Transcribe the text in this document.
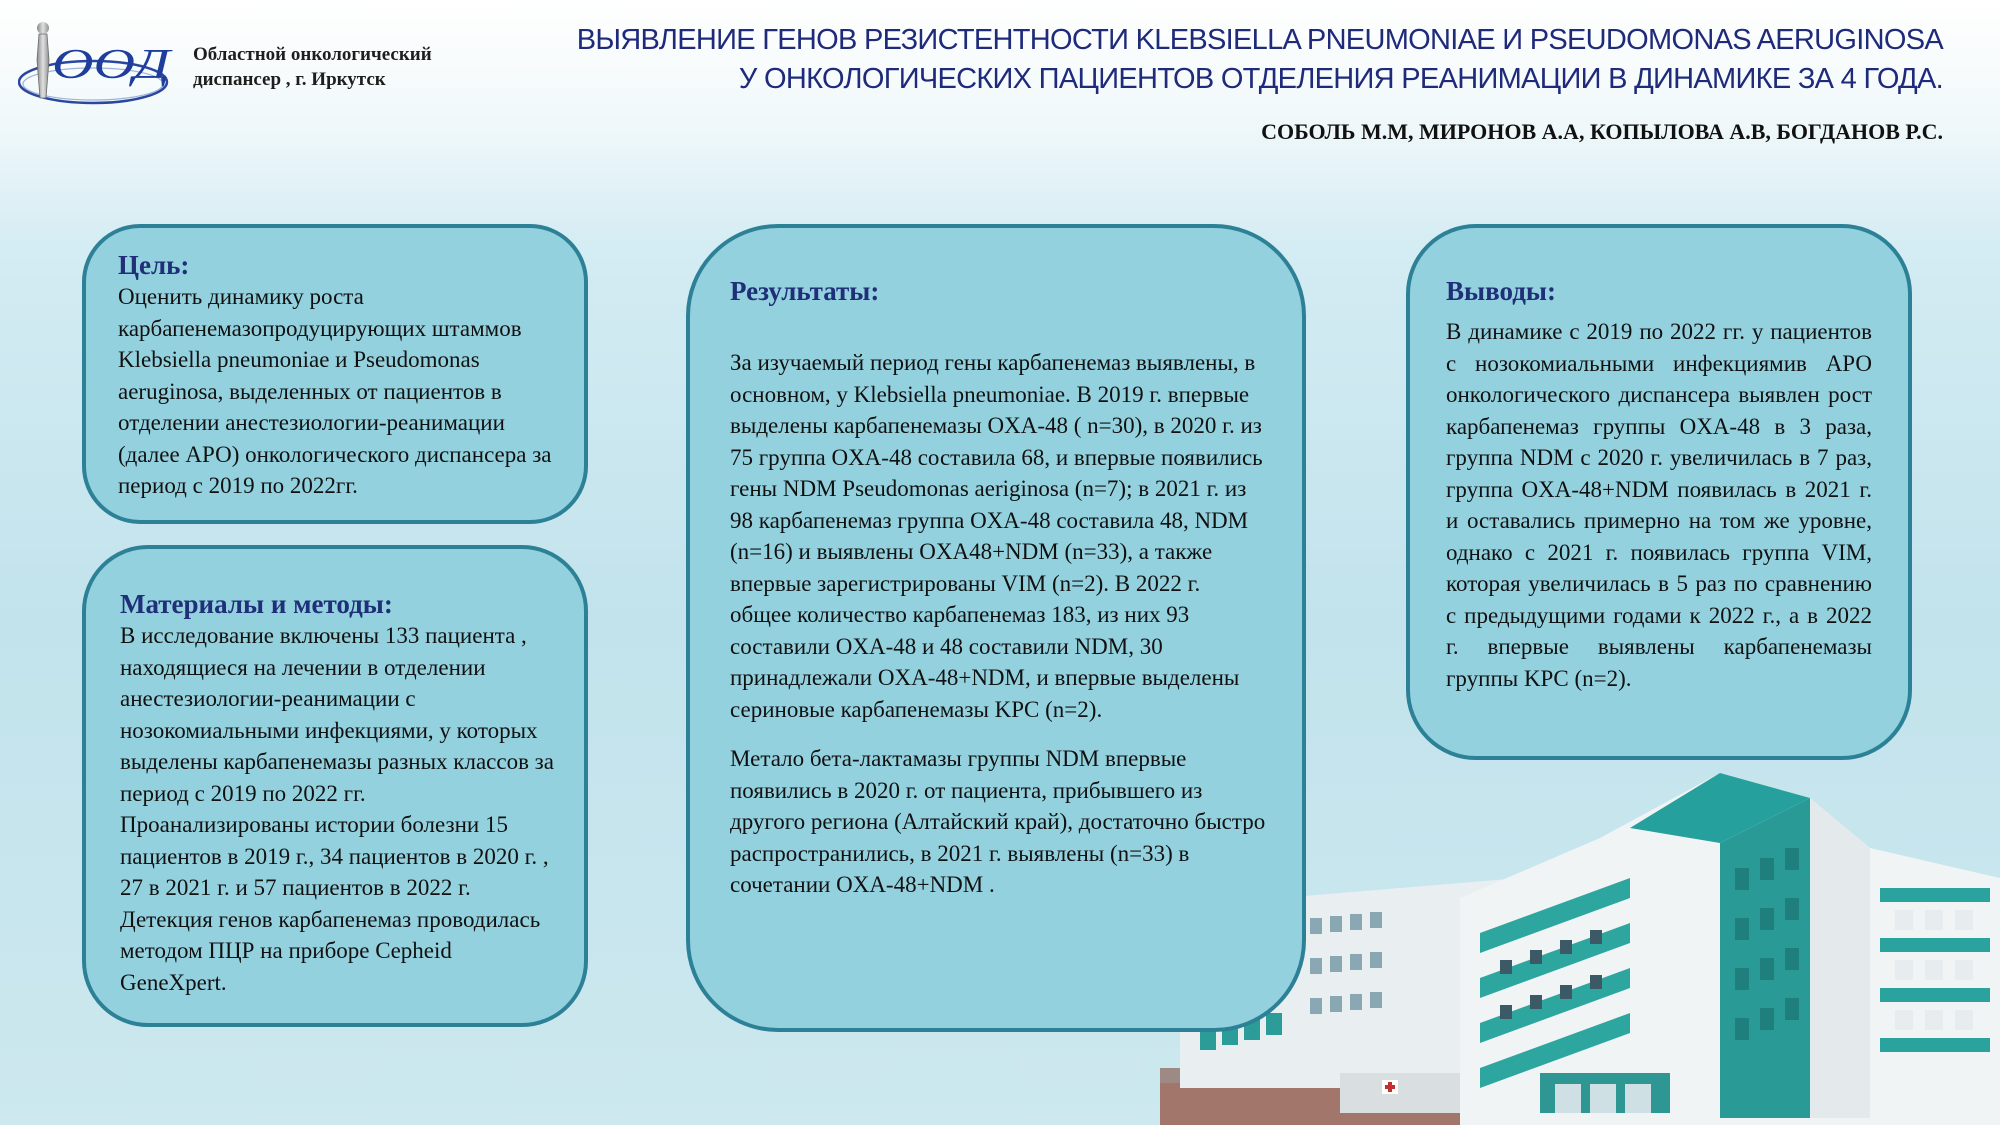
ООД Областной онкологический
диспансер , г. Иркутск
ВЫЯВЛЕНИЕ ГЕНОВ РЕЗИСТЕНТНОСТИ KLEBSIELLA PNEUMONIAE И PSEUDOMONAS AERUGINOSA
У ОНКОЛОГИЧЕСКИХ ПАЦИЕНТОВ ОТДЕЛЕНИЯ РЕАНИМАЦИИ В ДИНАМИКЕ ЗА 4 ГОДА.
СОБОЛЬ М.М, МИРОНОВ А.А, КОПЫЛОВА А.В, БОГДАНОВ Р.С.
Цель:

Оценить динамику роста карбапенемазопродуцирующих штаммов Klebsiella pneumoniae и Pseudomonas aeruginosa, выделенных от пациентов в отделении анестезиологии-реанимации (далее АРО) онкологического диспансера за период с 2019 по 2022гг.

Материалы и методы:

В исследование включены 133 пациента , находящиеся на лечении в отделении анестезиологии-реанимации с нозокомиальными инфекциями, у которых выделены карбапенемазы разных классов за период с 2019 по 2022 гг. Проанализированы истории болезни 15 пациентов в 2019 г., 34 пациентов в 2020 г. , 27 в 2021 г. и 57 пациентов в 2022 г. Детекция генов карбапенемаз проводилась методом ПЦР на приборе Cepheid GeneXpert.

Результаты:

За изучаемый период гены карбапенемаз выявлены, в основном, у Klebsiella pneumoniae. В 2019 г. впервые выделены карбапенемазы OXA-48 ( n=30), в 2020 г. из 75 группа OXA-48 составила 68, и впервые появились гены NDM Pseudomonas aeriginosa (n=7); в 2021 г. из 98 карбапенемаз группа OXA-48 составила 48, NDM (n=16) и выявлены OXA48+NDM (n=33), а также впервые зарегистрированы VIM (n=2). В 2022 г. общее количество карбапенемаз 183, из них 93 составили OXA-48 и 48 составили NDM, 30 принадлежали OXA-48+NDM, и впервые выделены сериновые карбапенемазы KPC (n=2).

Метало бета-лактамазы группы NDM впервые появились в 2020 г. от пациента, прибывшего из другого региона (Алтайский край), достаточно быстро распространились, в 2021 г. выявлены (n=33) в сочетании OXA-48+NDM .

Выводы:

В динамике с 2019 по 2022 гг. у пациентов с нозокомиальными инфекциямив АРО онкологического диспансера выявлен рост карбапенемаз группы OXA-48 в 3 раза, группа NDM с 2020 г. увеличилась в 7 раз, группа OXA-48+NDM появилась в 2021 г. и оставались примерно на том же уровне, однако с 2021 г. появилась группа VIM, которая увеличилась в 5 раз по сравнению с предыдущими годами к 2022 г., а в 2022 г. впервые выявлены карбапенемазы группы KPC (n=2).
